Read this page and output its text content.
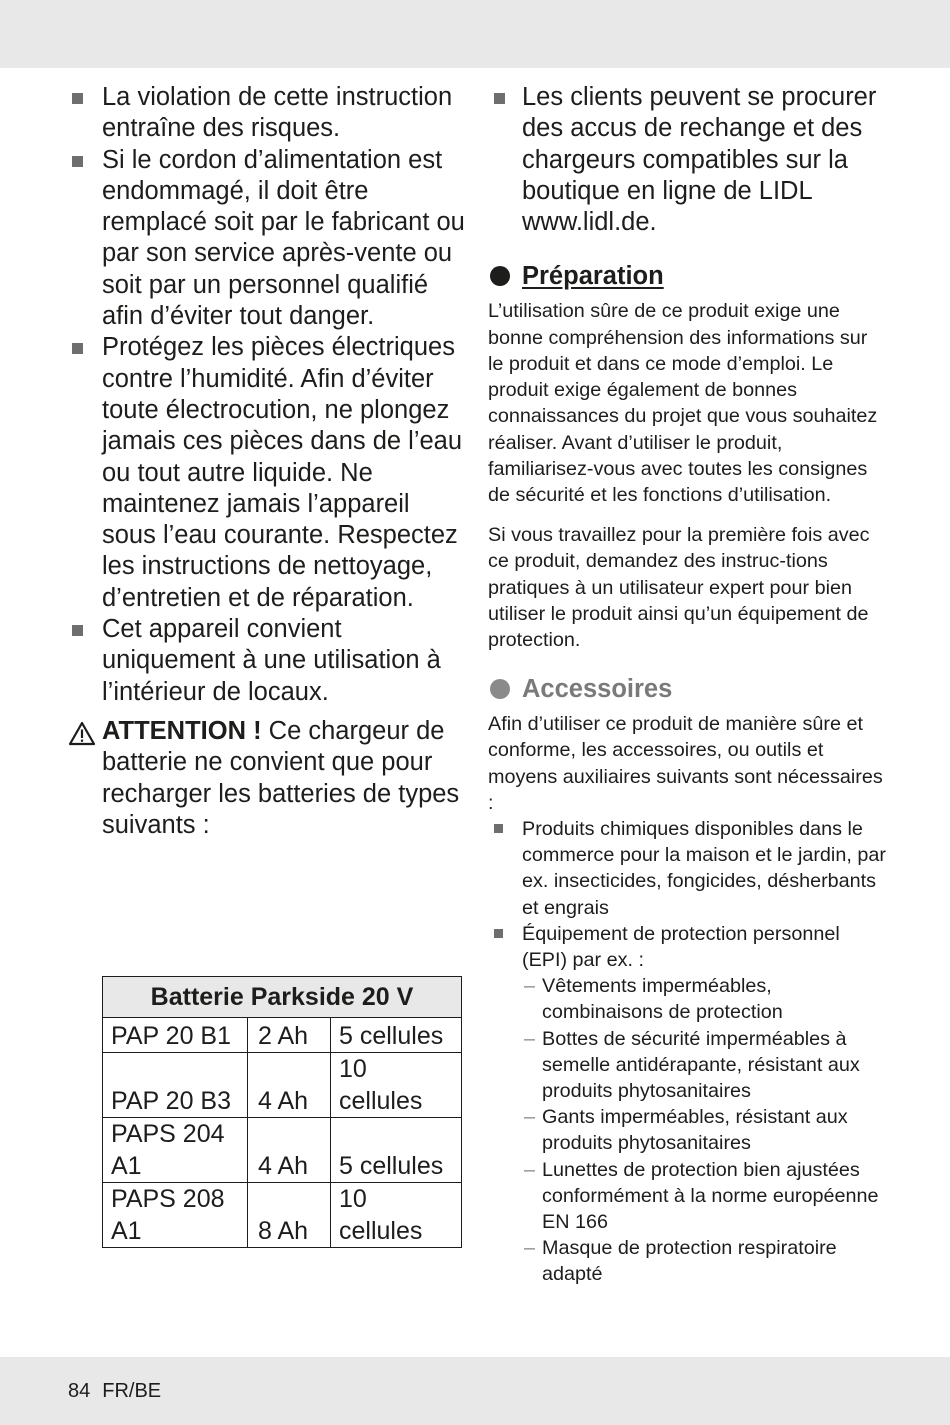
La violation de cette instruction entraîne des risques.
Si le cordon d’alimentation est endommagé, il doit être remplacé soit par le fabricant ou par son service après-vente ou soit par un personnel qualifié afin d’éviter tout danger.
Protégez les pièces électriques contre l’humidité. Afin d’éviter toute électrocution, ne plongez jamais ces pièces dans de l’eau ou tout autre liquide. Ne maintenez jamais l’appareil sous l’eau courante. Respectez les instructions de nettoyage, d’entretien et de réparation.
Cet appareil convient uniquement à une utilisation à l’intérieur de locaux.
ATTENTION ! Ce chargeur de batterie ne convient que pour recharger les batteries de types suivants :
Batterie Parkside 20 V		
PAP 20 B1	2 Ah	5 cellules
PAP 20 B3	4 Ah	10 cellules
PAPS 204 A1	4 Ah	5 cellules
PAPS 208 A1	8 Ah	10 cellules
Les clients peuvent se procurer des accus de rechange et des chargeurs compatibles sur la boutique en ligne de LIDL www.lidl.de.
Préparation

L’utilisation sûre de ce produit exige une bonne compréhension des informations sur le produit et dans ce mode d’emploi. Le produit exige également de bonnes connaissances du projet que vous souhaitez réaliser. Avant d’utiliser le produit, familiarisez-vous avec toutes les consignes de sécurité et les fonctions d’utilisation.

Si vous travaillez pour la première fois avec ce produit, demandez des instruc-tions pratiques à un utilisateur expert pour bien utiliser le produit ainsi qu’un équipement de protection.

Accessoires

Afin d’utiliser ce produit de manière sûre et conforme, les accessoires, ou outils et moyens auxiliaires suivants sont nécessaires :

Produits chimiques disponibles dans le commerce pour la maison et le jardin, par ex. insecticides, fongicides, désherbants et engrais
Équipement de protection personnel (EPI) par ex. :
– Vêtements imperméables, combinaisons de protection
– Bottes de sécurité imperméables à semelle antidérapante, résistant aux produits phytosanitaires
– Gants imperméables, résistant aux produits phytosanitaires
– Lunettes de protection bien ajustées conformément à la norme européenne EN 166
– Masque de protection respiratoire adapté
84 FR/BE
